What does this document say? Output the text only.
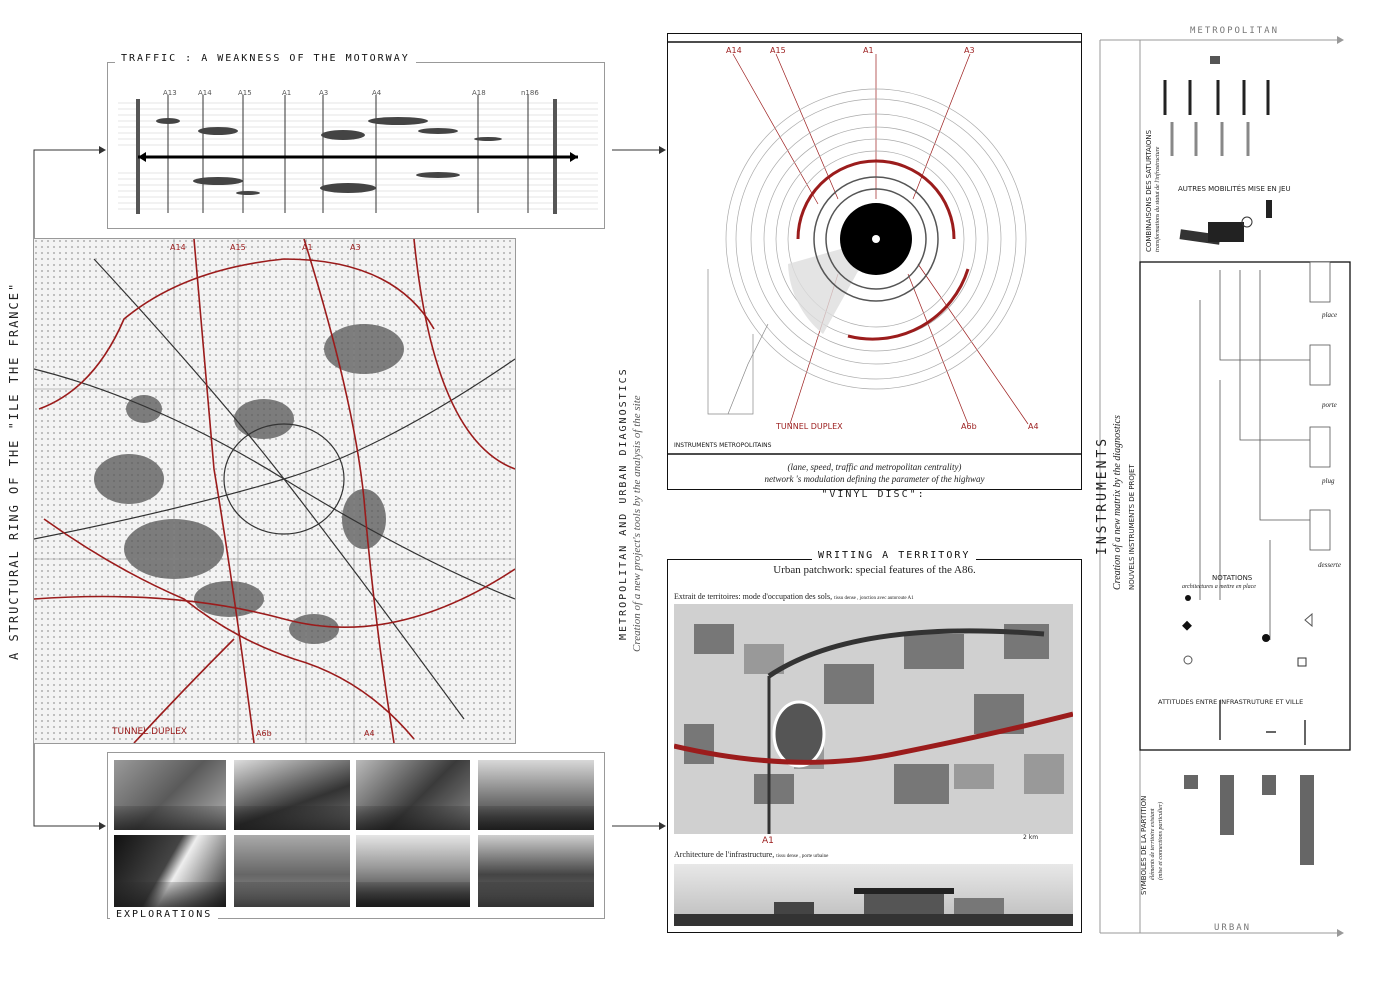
A13	A14	A15	A1	A3	A4	A18	n186
TRAFFIC : A WEAKNESS OF THE MOTORWAY
A14	A15	A1	A3
TUNNEL DUPLEX	A6b	A4
A STRUCTURAL RING OF THE "ILE THE FRANCE"
EXPLORATIONS
METROPOLITAN AND URBAN DIAGNOSTICS Creation of a new project's tools by the analysis of the site
A14	A15	A1	A3
TUNNEL DUPLEX	A6b	A4
INSTRUMENTS METROPOLITAINS
(lane, speed, traffic and metropolitan centrality)
network 's modulation defining the parameter of the highway
"VINYL DISC":
Urban patchwork: special features of the A86.
Extrait de territoires: mode d'occupation des sols, tissu dense , jonction avec autoroute A1
A1	2 km
Architecture de l'infrastructure, tissu dense , porte urbaine
WRITING A TERRITORY
METROPOLITAN
URBAN
INSTRUMENTS Creation of a new matrix by the diagnostics NOUVELS INSTRUMENTS DE PROJET
COMBINAISONS DES SATURTAIONS transformations du statut de l'infrastructure AUTRES MOBILITÉS MISE EN JEU
NOTATIONS
architectures a mettre en place
ATTITUDES ENTRE INFRASTRUTURE ET VILLE
SYMBOLES DE LA PARTITION éléments de territoire existant (mise et connections particulier)
place
porte
plug
desserte
